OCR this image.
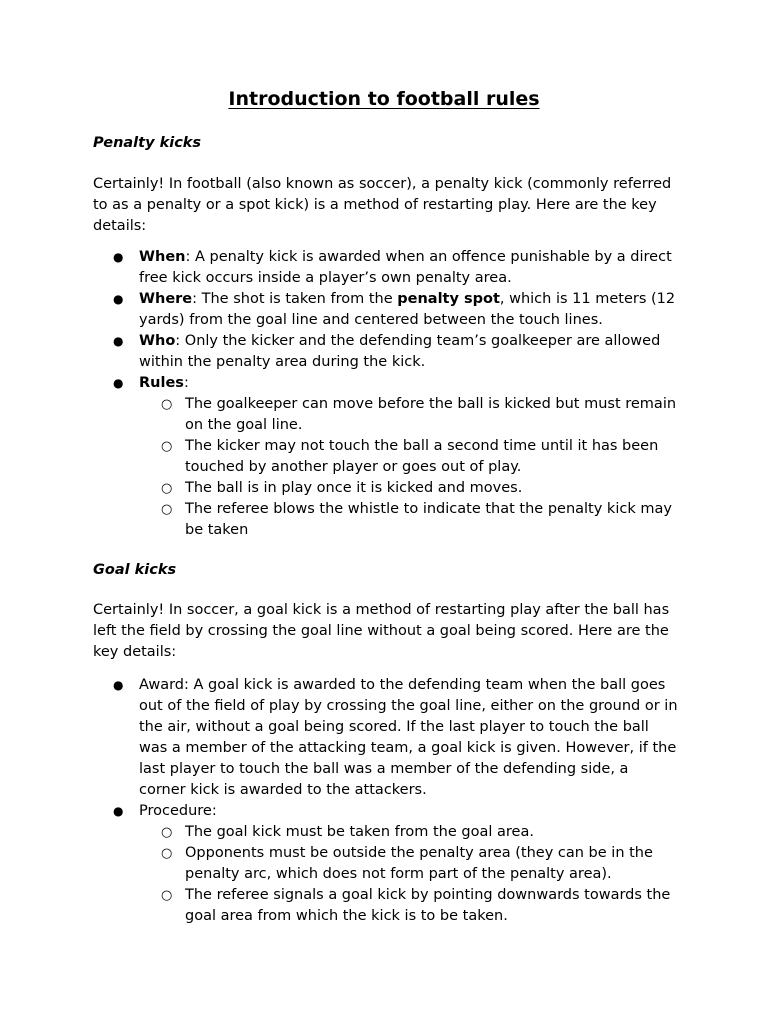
Introduction to football rules
Penalty kicks
Certainly! In football (also known as soccer), a penalty kick (commonly referred to as a penalty or a spot kick) is a method of restarting play. Here are the key details:
● When: A penalty kick is awarded when an offence punishable by a direct free kick occurs inside a player’s own penalty area.
● Where: The shot is taken from the penalty spot, which is 11 meters (12 yards) from the goal line and centered between the touch lines.
● Who: Only the kicker and the defending team’s goalkeeper are allowed within the penalty area during the kick.
● Rules:
○ The goalkeeper can move before the ball is kicked but must remain on the goal line.
○ The kicker may not touch the ball a second time until it has been touched by another player or goes out of play.
○ The ball is in play once it is kicked and moves.
○ The referee blows the whistle to indicate that the penalty kick may be taken
Goal kicks
Certainly! In soccer, a goal kick is a method of restarting play after the ball has left the field by crossing the goal line without a goal being scored. Here are the key details:
● Award: A goal kick is awarded to the defending team when the ball goes out of the field of play by crossing the goal line, either on the ground or in the air, without a goal being scored. If the last player to touch the ball was a member of the attacking team, a goal kick is given. However, if the last player to touch the ball was a member of the defending side, a corner kick is awarded to the attackers.
● Procedure:
○ The goal kick must be taken from the goal area.
○ Opponents must be outside the penalty area (they can be in the penalty arc, which does not form part of the penalty area).
○ The referee signals a goal kick by pointing downwards towards the goal area from which the kick is to be taken.
